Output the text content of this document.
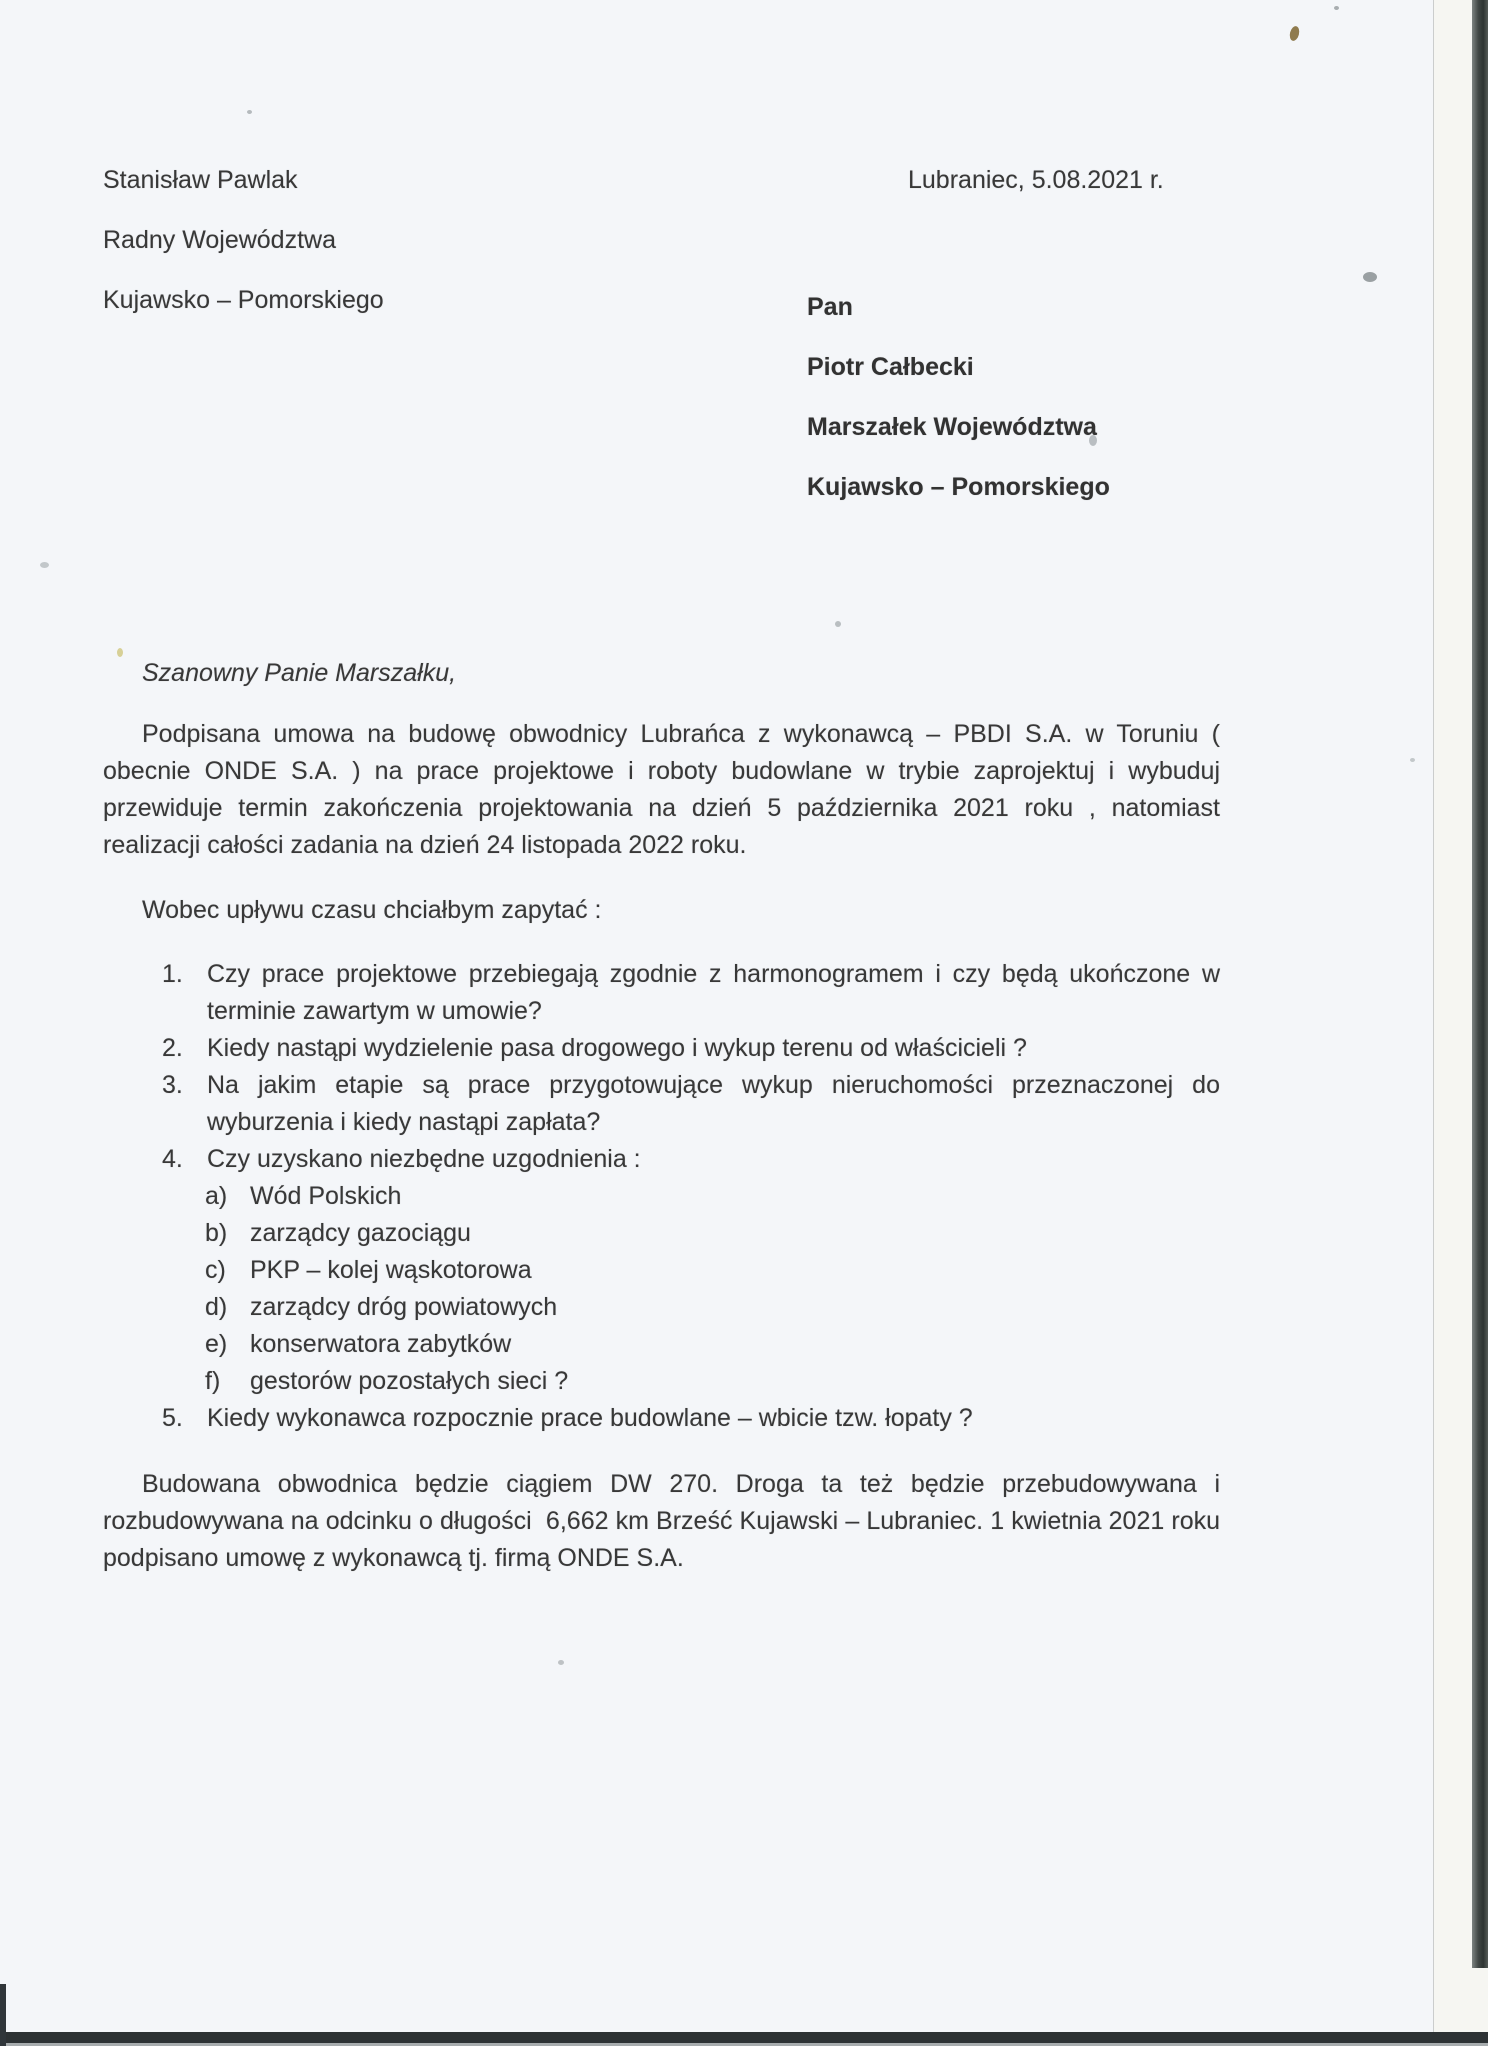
Stanisław Pawlak
Radny Województwa
Kujawsko – Pomorskiego
Lubraniec, 5.08.2021 r.
Pan
Piotr Całbecki
Marszałek Województwa
Kujawsko – Pomorskiego
Szanowny Panie Marszałku,
Podpisana umowa na budowę obwodnicy Lubrańca z wykonawcą – PBDI S.A. w Toruniu ( obecnie ONDE S.A. ) na prace projektowe i roboty budowlane w trybie zaprojektuj i wybuduj przewiduje termin zakończenia projektowania na dzień 5 października 2021 roku , natomiast realizacji całości zadania na dzień 24 listopada 2022 roku.
Wobec upływu czasu chciałbym zapytać :
1. Czy prace projektowe przebiegają zgodnie z harmonogramem i czy będą ukończone w terminie zawartym w umowie?
2. Kiedy nastąpi wydzielenie pasa drogowego i wykup terenu od właścicieli ?
3. Na jakim etapie są prace przygotowujące wykup nieruchomości przeznaczonej do wyburzenia i kiedy nastąpi zapłata?
4. Czy uzyskano niezbędne uzgodnienia :
a) Wód Polskich
b) zarządcy gazociągu
c) PKP – kolej wąskotorowa
d) zarządcy dróg powiatowych
e) konserwatora zabytków
f)	gestorów pozostałych sieci ?
5. Kiedy wykonawca rozpocznie prace budowlane – wbicie tzw. łopaty ?
Budowana obwodnica będzie ciągiem DW 270. Droga ta też będzie przebudowywana i rozbudowywana na odcinku o długości  6,662 km Brześć Kujawski – Lubraniec. 1 kwietnia 2021 roku podpisano umowę z wykonawcą tj. firmą ONDE S.A.
